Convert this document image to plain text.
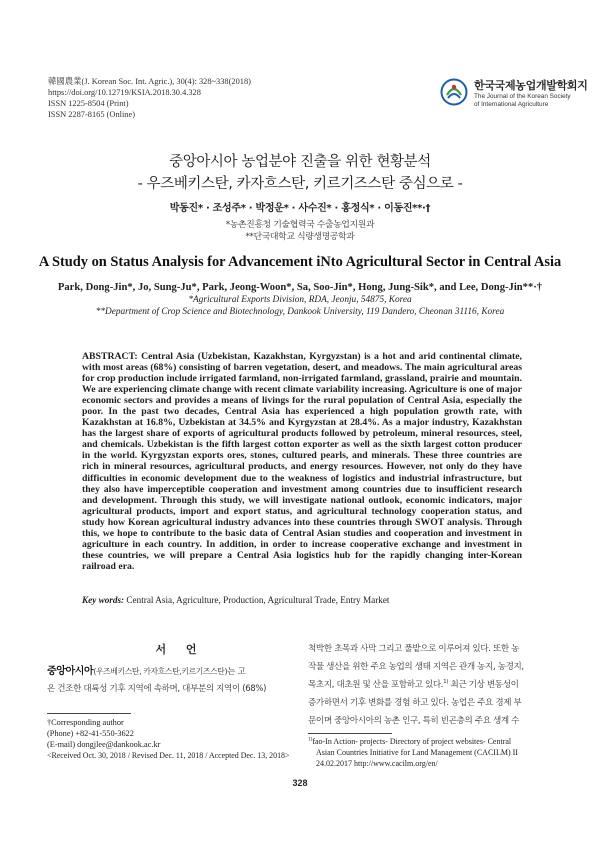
韓國農業(J. Korean Soc. Int. Agric.), 30(4): 328~338(2018)
https://doi.org/10.12719/KSIA.2018.30.4.328
ISSN 1225-8504 (Print)
ISSN 2287-8165 (Online)
한국국제농업개발학회지
The Journal of the Korean Society
of International Agriculture
중앙아시아 농업분야 진출을 위한 현황분석
- 우즈베키스탄, 카자흐스탄, 키르기즈스탄 중심으로 -
박동진* · 조성주* · 박정운* · 사수진* · 홍정식* · 이동진**·†
*농촌진흥청 기술협력국 수출농업지원과
**단국대학교 식량생명공학과
A Study on Status Analysis for Advancement iNto Agricultural Sector in Central Asia
Park, Dong-Jin*, Jo, Sung-Ju*, Park, Jeong-Woon*, Sa, Soo-Jin*, Hong, Jung-Sik*, and Lee, Dong-Jin**·†
*Agricultural Exports Division, RDA, Jeonju, 54875, Korea
**Department of Crop Science and Biotechnology, Dankook University, 119 Dandero, Cheonan 31116, Korea
ABSTRACT: Central Asia (Uzbekistan, Kazakhstan, Kyrgyzstan) is a hot and arid continental climate, with most areas (68%) consisting of barren vegetation, desert, and meadows. The main agricultural areas for crop production include irrigated farmland, non-irrigated farmland, grassland, prairie and mountain. We are experiencing climate change with recent climate variability increasing. Agriculture is one of major economic sectors and provides a means of livings for the rural population of Central Asia, especially the poor. In the past two decades, Central Asia has experienced a high population growth rate, with Kazakhstan at 16.8%, Uzbekistan at 34.5% and Kyrgyzstan at 28.4%. As a major industry, Kazakhstan has the largest share of exports of agricultural products followed by petroleum, mineral resources, steel, and chemicals. Uzbekistan is the fifth largest cotton exporter as well as the sixth largest cotton producer in the world. Kyrgyzstan exports ores, stones, cultured pearls, and minerals. These three countries are rich in mineral resources, agricultural products, and energy resources. However, not only do they have difficulties in economic development due to the weakness of logistics and industrial infrastructure, but they also have imperceptible cooperation and investment among countries due to insufficient research and development. Through this study, we will investigate national outlook, economic indicators, major agricultural products, import and export status, and agricultural technology cooperation status, and study how Korean agricultural industry advances into these countries through SWOT analysis. Through this, we hope to contribute to the basic data of Central Asian studies and cooperation and investment in agriculture in each country. In addition, in order to increase cooperative exchange and investment in these countries, we will prepare a Central Asia logistics hub for the rapidly changing inter-Korean railroad era.
Key words: Central Asia, Agriculture, Production, Agricultural Trade, Entry Market
서 언
중앙아시아(우즈베키스탄, 카자흐스탄,키르기즈스탄)는 고
온 건조한 대륙성 기후 지역에 속하며, 대부분의 지역이 (68%)
척박한 초목과 사막 그리고 풀밭으로 이루어져 있다. 또한 농
작물 생산을 위한 주요 농업의 생태 지역은 관개 농지, 농경지,
목초지, 대초원 및 산을 포함하고 있다.$^{1)}$ 최근 기상 변동성이
증가하면서 기후 변화를 경험 하고 있다. 농업은 주요 경제 부
문이며 중앙아시아의 농촌 인구, 특히 빈곤층의 주요 생계 수
†Corresponding author
(Phone) +82-41-550-3622
(E-mail) dongjlee@dankook.ac.kr
<Received Oct. 30, 2018 / Revised Dec. 11, 2018 / Accepted Dec. 13, 2018>
$^{1)}$fao-In Action- projects- Directory of project websites- Central
Asian Countries Initiative for Land Management (CACILM) II
24.02.2017 http://www.cacilm.org/en/
328
